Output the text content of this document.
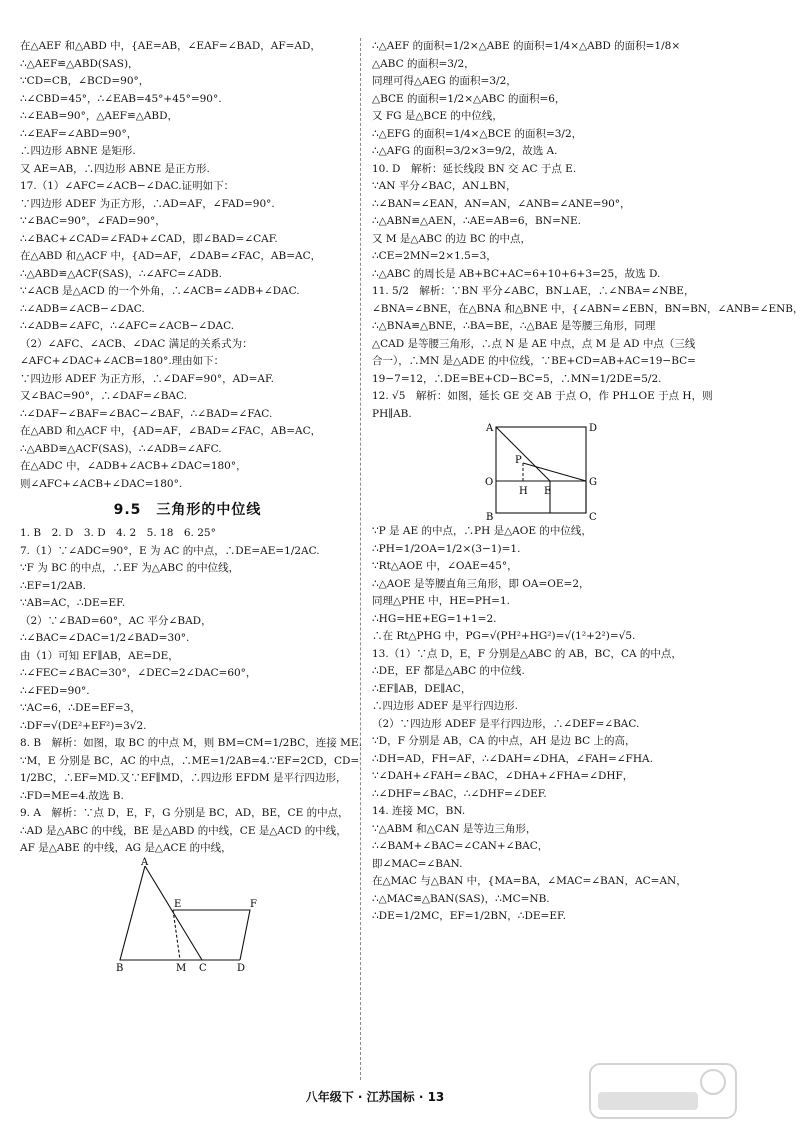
在△AEF 和△ABD 中，{AE=AB，∠EAF=∠BAD，AF=AD，
∴△AEF≌△ABD(SAS)，
∵CD=CB，∠BCD=90°，
∴∠CBD=45°，∴∠EAB=45°+45°=90°.
∴∠EAB=90°，△AEF≌△ABD，
∴∠EAF=∠ABD=90°，
∴四边形 ABNE 是矩形.
又 AE=AB，∴四边形 ABNE 是正方形.
17.（1）∠AFC=∠ACB−∠DAC.证明如下：
∵四边形 ADEF 为正方形，∴AD=AF，∠FAD=90°.
∵∠BAC=90°，∠FAD=90°，
∴∠BAC+∠CAD=∠FAD+∠CAD，即∠BAD=∠CAF.
在△ABD 和△ACF 中，{AD=AF，∠DAB=∠FAC，AB=AC，
∴△ABD≌△ACF(SAS)，∴∠AFC=∠ADB.
∵∠ACB 是△ACD 的一个外角，∴∠ACB=∠ADB+∠DAC.
∴∠ADB=∠ACB−∠DAC.
∴∠ADB=∠AFC，∴∠AFC=∠ACB−∠DAC.
（2）∠AFC、∠ACB、∠DAC 满足的关系式为：
∠AFC+∠DAC+∠ACB=180°.理由如下：
∵四边形 ADEF 为正方形，∴∠DAF=90°，AD=AF.
又∠BAC=90°，∴∠DAF=∠BAC.
∴∠DAF−∠BAF=∠BAC−∠BAF，∴∠BAD=∠FAC.
在△ABD 和△ACF 中，{AD=AF，∠BAD=∠FAC，AB=AC，
∴△ABD≌△ACF(SAS)，∴∠ADB=∠AFC.
在△ADC 中，∠ADB+∠ACB+∠DAC=180°，
则∠AFC+∠ACB+∠DAC=180°.
9.5　三角形的中位线
1. B　2. D　3. D　4. 2　5. 18　6. 25°
7.（1）∵∠ADC=90°，E 为 AC 的中点，∴DE=AE=1/2AC.
∵F 为 BC 的中点，∴EF 为△ABC 的中位线，
∴EF=1/2AB.
∵AB=AC，∴DE=EF.
（2）∵∠BAD=60°，AC 平分∠BAD，
∴∠BAC=∠DAC=1/2∠BAD=30°.
由（1）可知 EF∥AB，AE=DE，
∴∠FEC=∠BAC=30°，∠DEC=2∠DAC=60°，
∴∠FED=90°.
∵AC=6，∴DE=EF=3，
∴DF=√(DE²+EF²)=3√2.
8. B　解析：如图，取 BC 的中点 M，则 BM=CM=1/2BC，连接 ME.
∵M，E 分别是 BC，AC 的中点，∴ME=1/2AB=4.∵EF=2CD，CD=
1/2BC，∴EF=MD.又∵EF∥MD，∴四边形 EFDM 是平行四边形，
∴FD=ME=4.故选 B.
9. A　解析：∵点 D，E，F，G 分别是 BC，AD，BE，CE 的中点，
∴AD 是△ABC 的中线，BE 是△ABD 的中线，CE 是△ACD 的中线，
AF 是△ABE 的中线，AG 是△ACE 的中线，
A
E	F
B	M C	D
∴△AEF 的面积=1/2×△ABE 的面积=1/4×△ABD 的面积=1/8×
△ABC 的面积=3/2，
同理可得△AEG 的面积=3/2，
△BCE 的面积=1/2×△ABC 的面积=6，
又 FG 是△BCE 的中位线，
∴△EFG 的面积=1/4×△BCE 的面积=3/2，
∴△AFG 的面积=3/2×3=9/2，故选 A.
10. D　解析：延长线段 BN 交 AC 于点 E.
∵AN 平分∠BAC，AN⊥BN，
∴∠BAN=∠EAN，AN=AN，∠ANB=∠ANE=90°，
∴△ABN≌△AEN，∴AE=AB=6，BN=NE.
又 M 是△ABC 的边 BC 的中点，
∴CE=2MN=2×1.5=3，
∴△ABC 的周长是 AB+BC+AC=6+10+6+3=25，故选 D.
11. 5/2　解析：∵BN 平分∠ABC，BN⊥AE，∴∠NBA=∠NBE，
∠BNA=∠BNE，在△BNA 和△BNE 中，{∠ABN=∠EBN，BN=BN，∠ANB=∠ENB，
∴△BNA≌△BNE，∴BA=BE，∴△BAE 是等腰三角形，同理
△CAD 是等腰三角形，∴点 N 是 AE 中点，点 M 是 AD 中点（三线
合一），∴MN 是△ADE 的中位线，∵BE+CD=AB+AC=19−BC=
19−7=12，∴DE=BE+CD−BC=5，∴MN=1/2DE=5/2.
12. √5　解析：如图，延长 GE 交 AB 于点 O，作 PH⊥OE 于点 H，则
PH∥AB.
A	D
P
O
H E
G
B	C
∵P 是 AE 的中点，∴PH 是△AOE 的中位线，
∴PH=1/2OA=1/2×(3−1)=1.
∵Rt△AOE 中，∠OAE=45°，
∴△AOE 是等腰直角三角形，即 OA=OE=2，
同理△PHE 中，HE=PH=1.
∴HG=HE+EG=1+1=2.
∴在 Rt△PHG 中，PG=√(PH²+HG²)=√(1²+2²)=√5.
13.（1）∵点 D，E，F 分别是△ABC 的 AB，BC，CA 的中点，
∴DE，EF 都是△ABC 的中位线.
∴EF∥AB，DE∥AC，
∴四边形 ADEF 是平行四边形.
（2）∵四边形 ADEF 是平行四边形，∴∠DEF=∠BAC.
∵D，F 分别是 AB，CA 的中点，AH 是边 BC 上的高，
∴DH=AD，FH=AF，∴∠DAH=∠DHA，∠FAH=∠FHA.
∵∠DAH+∠FAH=∠BAC，∠DHA+∠FHA=∠DHF，
∴∠DHF=∠BAC，∴∠DHF=∠DEF.
14. 连接 MC，BN.
∵△ABM 和△CAN 是等边三角形，
∴∠BAM+∠BAC=∠CAN+∠BAC，
即∠MAC=∠BAN.
在△MAC 与△BAN 中，{MA=BA，∠MAC=∠BAN，AC=AN，
∴△MAC≌△BAN(SAS)，∴MC=NB.
∴DE=1/2MC，EF=1/2BN，∴DE=EF.
八年级下 · 江苏国标 · 13
